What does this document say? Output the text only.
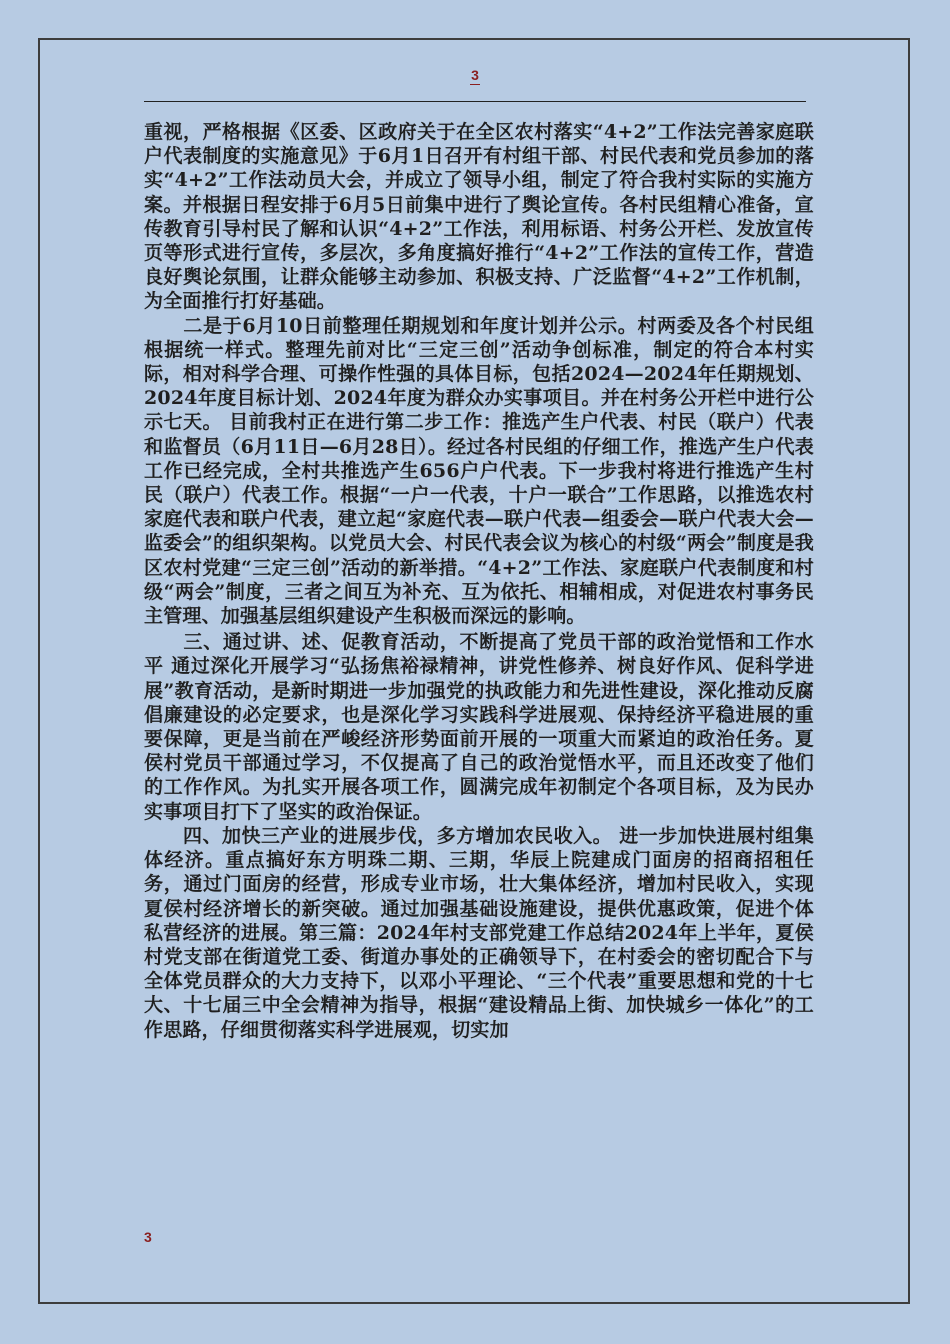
3

重视，严格根据《区委、区政府关于在全区农村落实“4+2”工作法完善家庭联户代表制度的实施意见》于6月1日召开有村组干部、村民代表和党员参加的落实“4+2”工作法动员大会，并成立了领导小组，制定了符合我村实际的实施方案。并根据日程安排于6月5日前集中进行了舆论宣传。各村民组精心准备，宣传教育引导村民了解和认识“4+2”工作法，利用标语、村务公开栏、发放宣传页等形式进行宣传，多层次，多角度搞好推行“4+2”工作法的宣传工作，营造良好舆论氛围，让群众能够主动参加、积极支持、广泛监督“4+2”工作机制，为全面推行打好基础。

　　二是于6月10日前整理任期规划和年度计划并公示。村两委及各个村民组根据统一样式。整理先前对比“三定三创”活动争创标准，制定的符合本村实际，相对科学合理、可操作性强的具体目标，包括2024—2024年任期规划、2024年度目标计划、2024年度为群众办实事项目。并在村务公开栏中进行公示七天。 目前我村正在进行第二步工作：推选产生户代表、村民（联户）代表和监督员（6月11日—6月28日）。经过各村民组的仔细工作，推选产生户代表工作已经完成，全村共推选产生656户户代表。下一步我村将进行推选产生村民（联户）代表工作。根据“一户一代表，十户一联合”工作思路，以推选农村家庭代表和联户代表，建立起“家庭代表—联户代表—组委会—联户代表大会—监委会”的组织架构。以党员大会、村民代表会议为核心的村级“两会”制度是我区农村党建“三定三创”活动的新举措。“4+2”工作法、家庭联户代表制度和村级“两会”制度，三者之间互为补充、互为依托、相辅相成，对促进农村事务民主管理、加强基层组织建设产生积极而深远的影响。

　　三、通过讲、述、促教育活动，不断提高了党员干部的政治觉悟和工作水平 通过深化开展学习“弘扬焦裕禄精神，讲党性修养、树良好作风、促科学进展”教育活动，是新时期进一步加强党的执政能力和先进性建设，深化推动反腐倡廉建设的必定要求，也是深化学习实践科学进展观、保持经济平稳进展的重要保障，更是当前在严峻经济形势面前开展的一项重大而紧迫的政治任务。夏侯村党员干部通过学习，不仅提高了自己的政治觉悟水平，而且还改变了他们的工作作风。为扎实开展各项工作，圆满完成年初制定个各项目标，及为民办实事项目打下了坚实的政治保证。

　　四、加快三产业的进展步伐，多方增加农民收入。 进一步加快进展村组集体经济。重点搞好东方明珠二期、三期，华辰上院建成门面房的招商招租任务，通过门面房的经营，形成专业市场，壮大集体经济，增加村民收入，实现夏侯村经济增长的新突破。通过加强基础设施建设，提供优惠政策，促进个体私营经济的进展。第三篇：2024年村支部党建工作总结2024年上半年，夏侯村党支部在街道党工委、街道办事处的正确领导下，在村委会的密切配合下与全体党员群众的大力支持下，以邓小平理论、“三个代表”重要思想和党的十七大、十七届三中全会精神为指导，根据“建设精品上街、加快城乡一体化”的工作思路，仔细贯彻落实科学进展观，切实加

3
